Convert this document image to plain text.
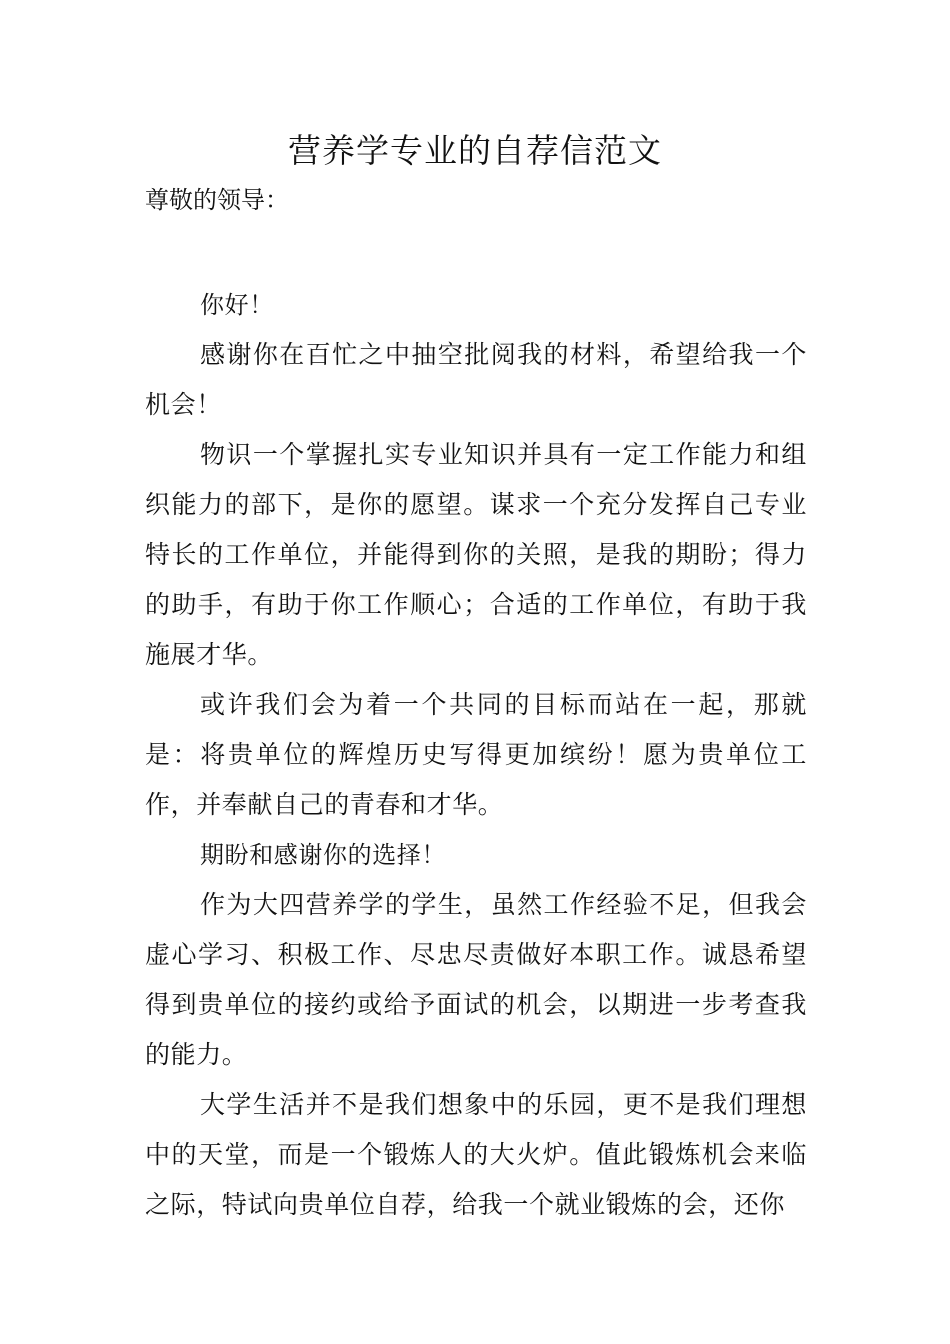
营养学专业的自荐信范文

尊敬的领导：

你好！

感谢你在百忙之中抽空批阅我的材料，希望给我一个机会！

物识一个掌握扎实专业知识并具有一定工作能力和组织能力的部下，是你的愿望。谋求一个充分发挥自己专业特长的工作单位，并能得到你的关照，是我的期盼；得力的助手，有助于你工作顺心；合适的工作单位，有助于我施展才华。

或许我们会为着一个共同的目标而站在一起，那就是：将贵单位的辉煌历史写得更加缤纷！愿为贵单位工作，并奉献自己的青春和才华。

期盼和感谢你的选择！

作为大四营养学的学生，虽然工作经验不足，但我会虚心学习、积极工作、尽忠尽责做好本职工作。诚恳希望得到贵单位的接约或给予面试的机会，以期进一步考查我的能力。

大学生活并不是我们想象中的乐园，更不是我们理想中的天堂，而是一个锻炼人的大火炉。值此锻炼机会来临之际，特试向贵单位自荐，给我一个就业锻炼的会，还你
